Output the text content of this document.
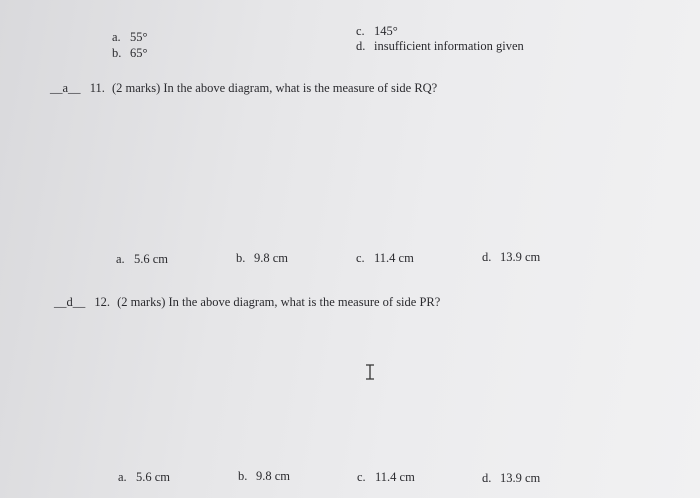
a. 55°
b. 65°
c. 145°
d. insufficient information given
__a__ 11. (2 marks) In the above diagram, what is the measure of side RQ?
a. 5.6 cm	b. 9.8 cm	c. 11.4 cm	d. 13.9 cm
__d__ 12. (2 marks) In the above diagram, what is the measure of side PR?
a. 5.6 cm	b. 9.8 cm	c. 11.4 cm	d. 13.9 cm
